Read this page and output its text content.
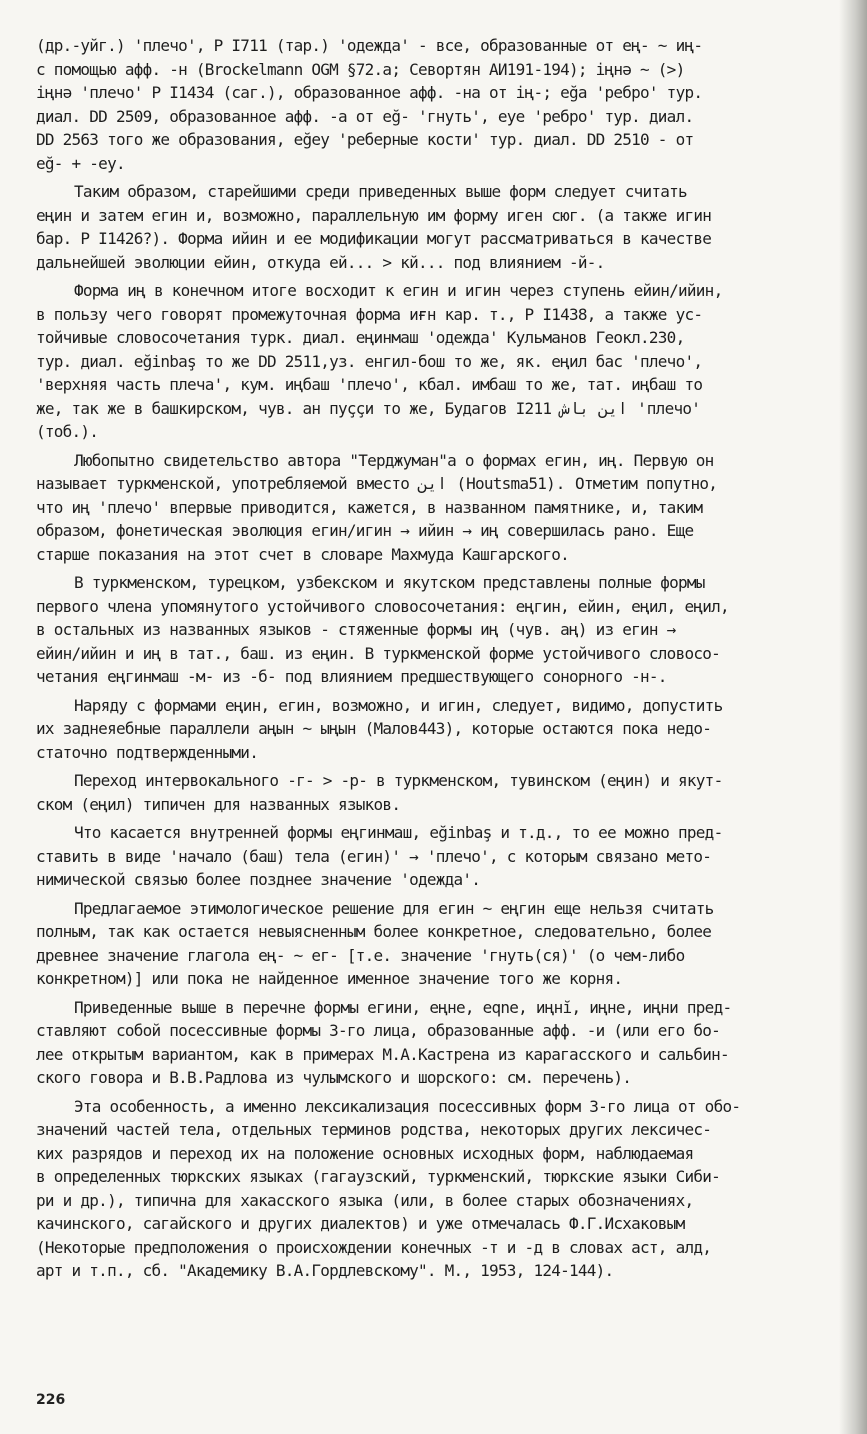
(др.-уйг.) 'плечо', Р I711 (тар.) 'одежда' - все, образованные от ең- ~ иң-
с помощью афф. -н (Brockelmann OGM §72.a; Севортян АИ191-194); іңнә ~ (>)
іңнә 'плечо' Р I1434 (саг.), образованное афф. -на от ің-; eğa 'ребро' тур.
диал. DD 2509, образованное афф. -а от eğ- 'гнуть', eye 'ребро' тур. диал.
DD 2563 того же образования, eğey 'реберные кости' тур. диал. DD 2510 - от
eğ- + -ey.
Таким образом, старейшими среди приведенных выше форм следует считать
еңин и затем егин и, возможно, параллельную им форму иген сюг. (а также игин
бар. Р I1426?). Форма ийин и ее модификации могут рассматриваться в качестве
дальнейшей эволюции ейин, откуда ей... > кй... под влиянием -й-.
Форма иң в конечном итоге восходит к егин и игин через ступень ейин/ийин,
в пользу чего говорят промежуточная форма иғн кар. т., Р I1438, а также ус-
тойчивые словосочетания турк. диал. еңинмаш 'одежда' Кульманов Геокл.230,
тур. диал. eğinbaş то же DD 2511,уз. енгил-бош то же, як. еңил бас 'плечо',
'верхняя часть плеча', кум. иңбаш 'плечо', кбал. имбаш то же, тат. иңбаш то
же, так же в башкирском, чув. ан пуççи то же, Будагов I211 اين باش 'плечо'
(тоб.).
Любопытно свидетельство автора "Терджуман"а о формах егин, иң. Первую он
называет туркменской, употребляемой вместо اين (Houtsma51). Отметим попутно,
что иң 'плечо' впервые приводится, кажется, в названном памятнике, и, таким
образом, фонетическая эволюция егин/игин → ийин → иң совершилась рано. Еще
старше показания на этот счет в словаре Махмуда Кашгарского.
В туркменском, турецком, узбекском и якутском представлены полные формы
первого члена упомянутого устойчивого словосочетания: еңгин, ейин, еңил, еңил,
в остальных из названных языков - стяженные формы иң (чув. аң) из егин →
ейин/ийин и иң в тат., баш. из еңин. В туркменской форме устойчивого словосо-
четания еңгинмаш -м- из -б- под влиянием предшествующего сонорного -н-.
Наряду с формами еңин, егин, возможно, и игин, следует, видимо, допустить
их заднеяебные параллели аңын ~ ыңын (Малов443), которые остаются пока недо-
статочно подтвержденными.
Переход интервокального -г- > -р- в туркменском, тувинском (еңин) и якут-
ском (еңил) типичен для названных языков.
Что касается внутренней формы еңгинмаш, eğinbaş и т.д., то ее можно пред-
ставить в виде 'начало (баш) тела (егин)' → 'плечо', с которым связано мето-
нимической связью более позднее значение 'одежда'.
Предлагаемое этимологическое решение для егин ~ еңгин еще нельзя считать
полным, так как остается невыясненным более конкретное, следовательно, более
древнее значение глагола ең- ~ ег- [т.е. значение 'гнуть(ся)' (о чем-либо
конкретном)] или пока не найденное именное значение того же корня.
Приведенные выше в перечне формы егини, еңне, eqne, иңнĭ, иңне, иңни пред-
ставляют собой посессивные формы 3-го лица, образованные афф. -и (или его бо-
лее открытым вариантом, как в примерах М.А.Кастрена из карагасского и сальбин-
ского говора и В.В.Радлова из чулымского и шорского: см. перечень).
Эта особенность, а именно лексикализация посессивных форм 3-го лица от обо-
значений частей тела, отдельных терминов родства, некоторых других лексичес-
ких разрядов и переход их на положение основных исходных форм, наблюдаемая
в определенных тюркских языках (гагаузский, туркменский, тюркские языки Сиби-
ри и др.), типична для хакасского языка (или, в более старых обозначениях,
качинского, сагайского и других диалектов) и уже отмечалась Ф.Г.Исхаковым
(Некоторые предположения о происхождении конечных -т и -д в словах аст, алд,
арт и т.п., сб. "Академику В.А.Гордлевскому". М., 1953, 124-144).
226
